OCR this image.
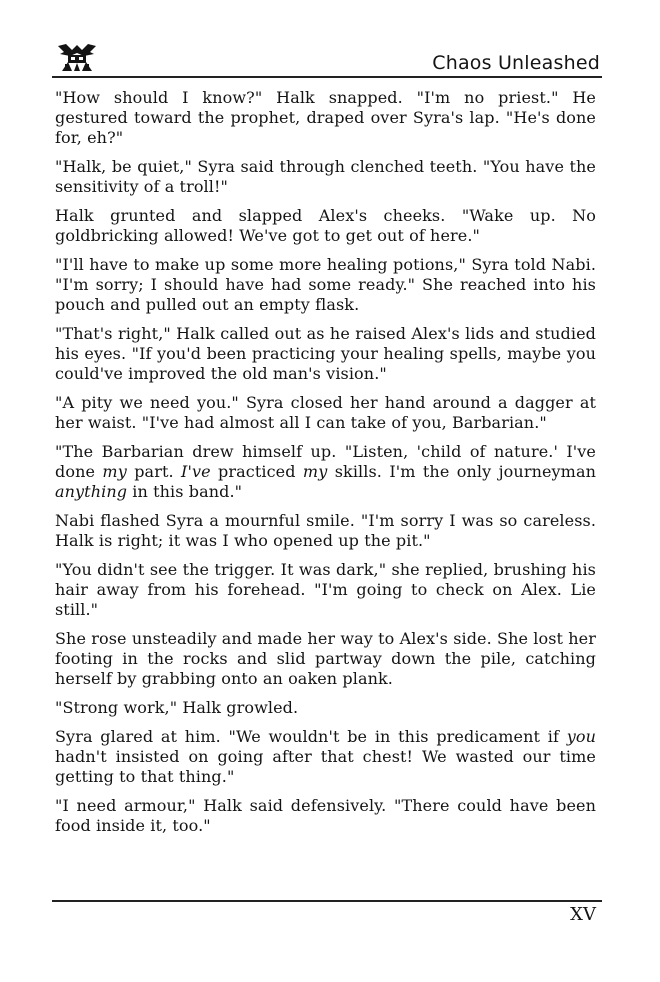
Chaos Unleashed

"How should I know?" Halk snapped. "I'm no priest." He gestured toward the prophet, draped over Syra's lap. "He's done for, eh?"

"Halk, be quiet," Syra said through clenched teeth. "You have the sensitivity of a troll!"

Halk grunted and slapped Alex's cheeks. "Wake up. No goldbricking allowed! We've got to get out of here."

"I'll have to make up some more healing potions," Syra told Nabi. "I'm sorry; I should have had some ready." She reached into his pouch and pulled out an empty flask.

"That's right," Halk called out as he raised Alex's lids and studied his eyes. "If you'd been practicing your healing spells, maybe you could've improved the old man's vision."

"A pity we need you." Syra closed her hand around a dagger at her waist. "I've had almost all I can take of you, Barbarian."

"The Barbarian drew himself up. "Listen, 'child of nature.' I've done my part. I've practiced my skills. I'm the only journeyman anything in this band."

Nabi flashed Syra a mournful smile. "I'm sorry I was so careless. Halk is right; it was I who opened up the pit."

"You didn't see the trigger. It was dark," she replied, brushing his hair away from his forehead. "I'm going to check on Alex. Lie still."

She rose unsteadily and made her way to Alex's side. She lost her footing in the rocks and slid partway down the pile, catching herself by grabbing onto an oaken plank.

"Strong work," Halk growled.

Syra glared at him. "We wouldn't be in this predicament if you hadn't insisted on going after that chest! We wasted our time getting to that thing."

"I need armour," Halk said defensively. "There could have been food inside it, too."

XV
